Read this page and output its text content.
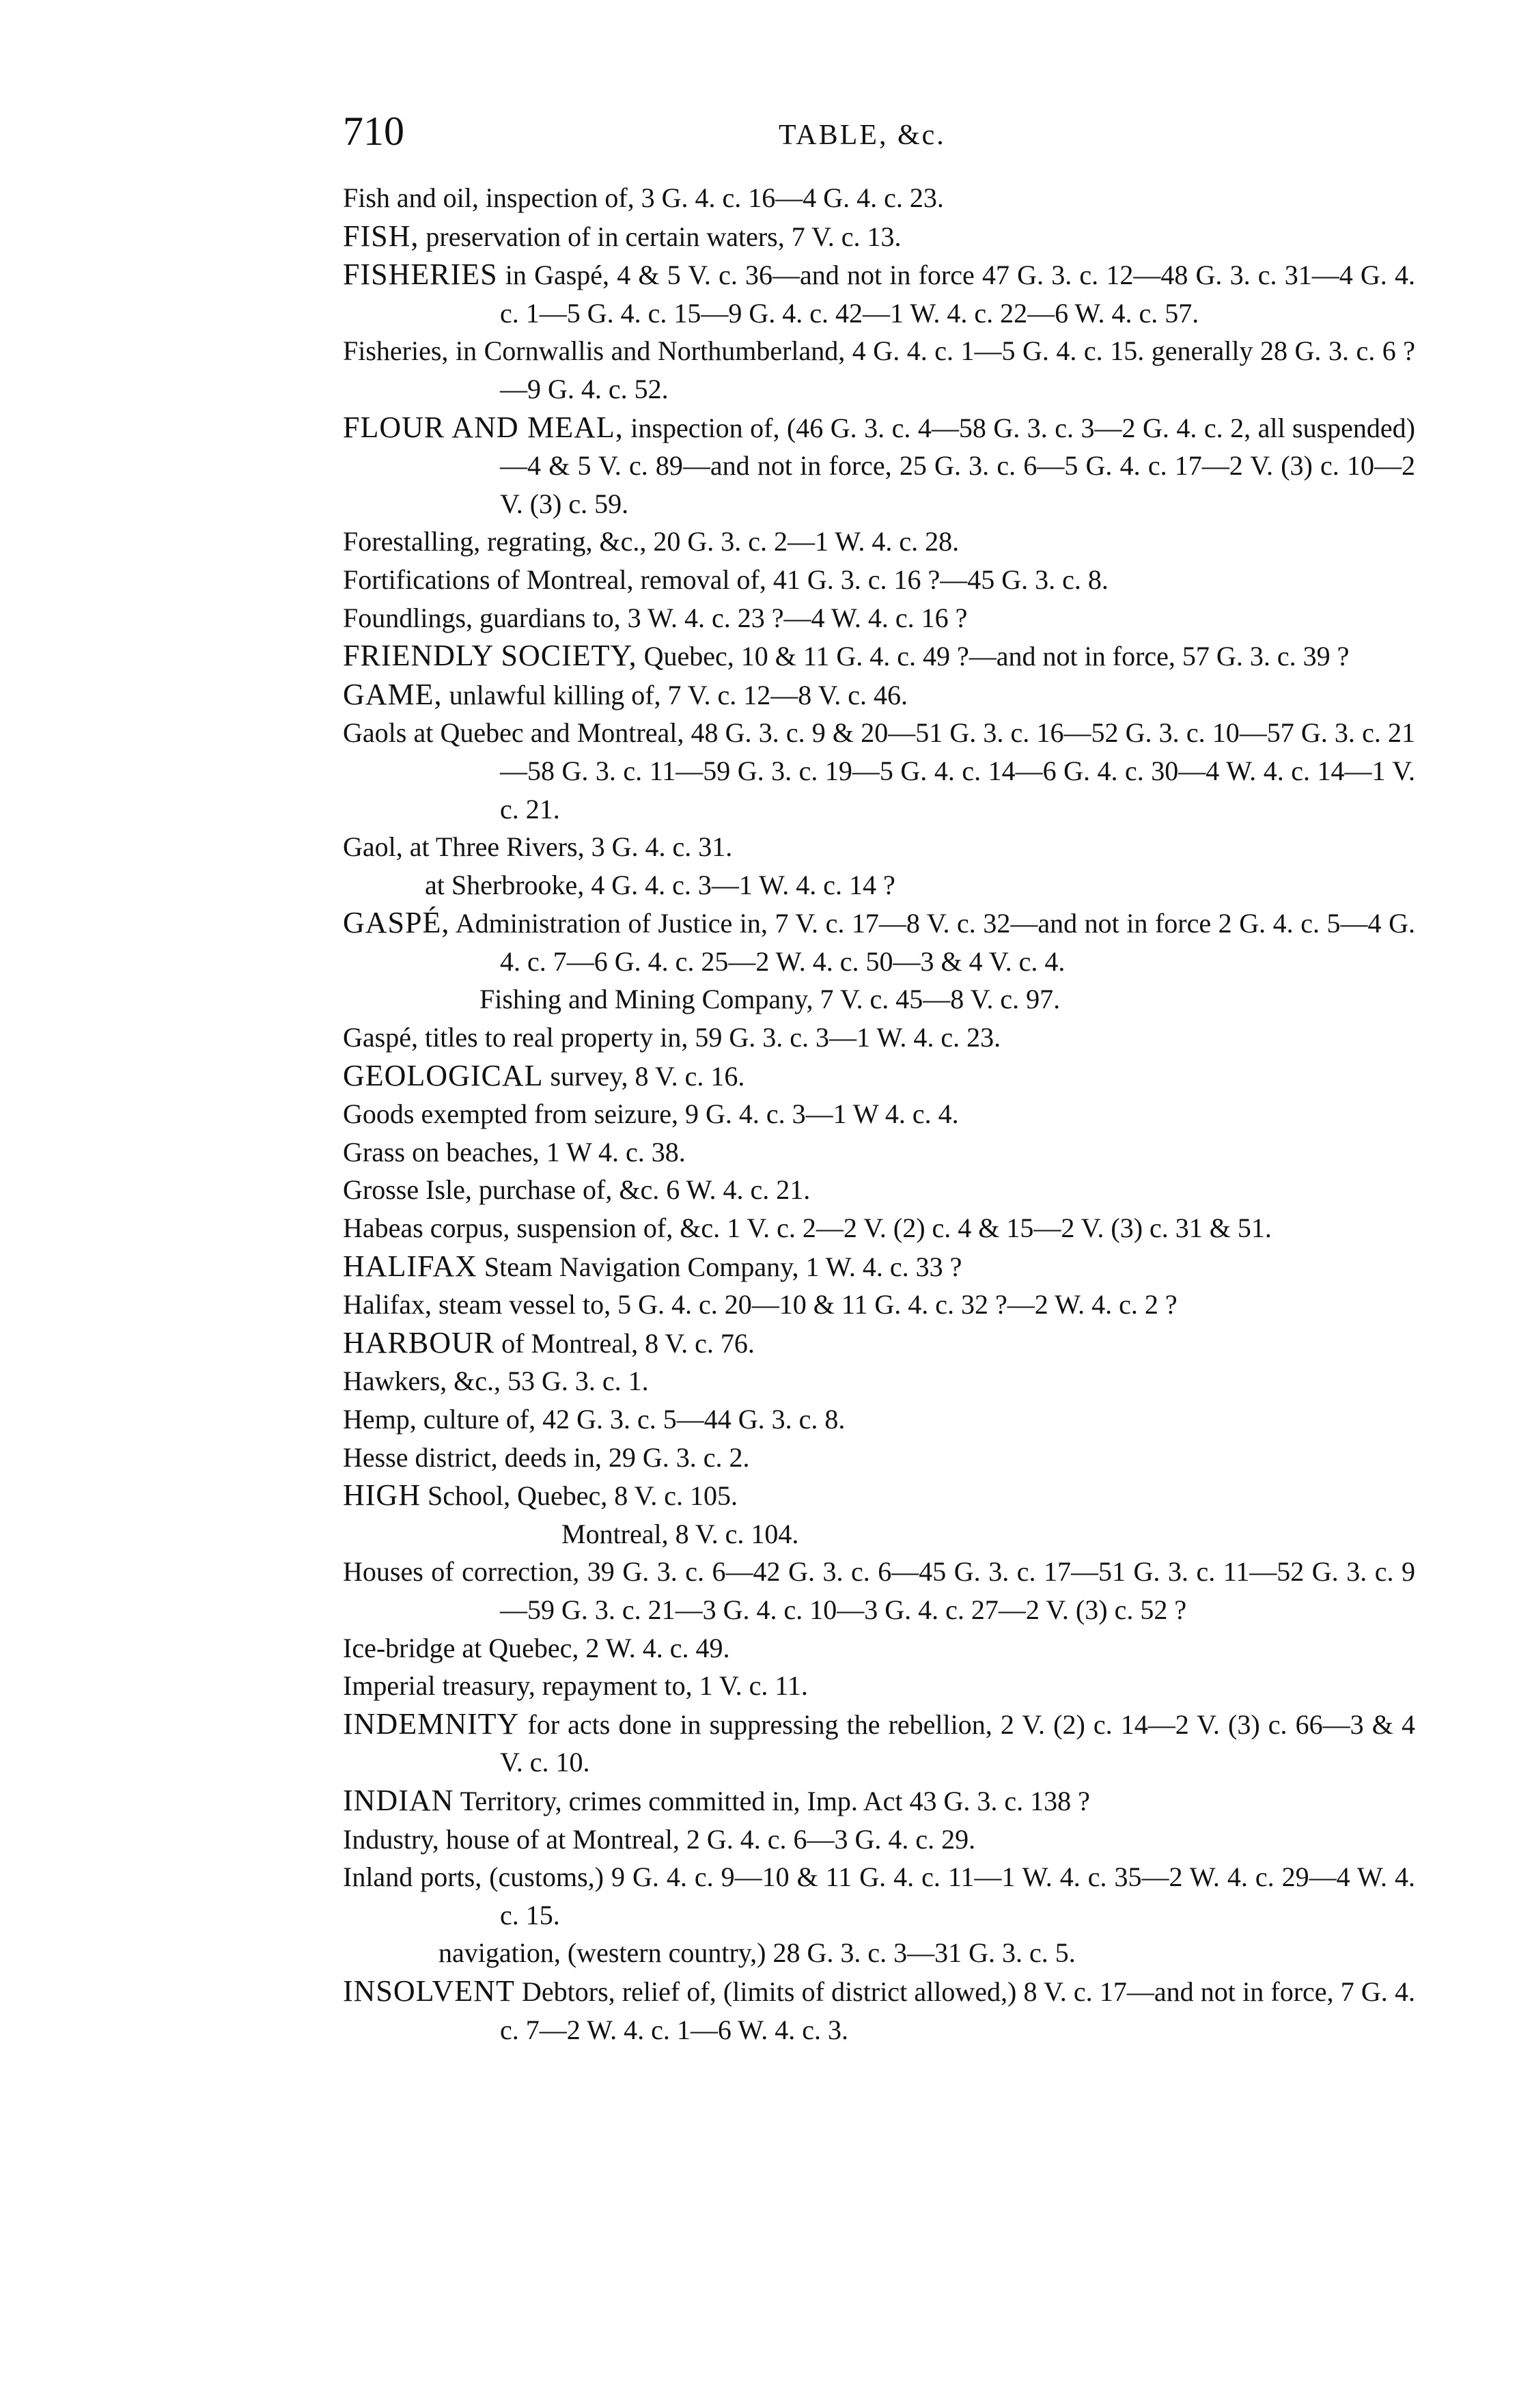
710	TABLE, &c.
Fish and oil, inspection of, 3 G. 4. c. 16—4 G. 4. c. 23.
FISH, preservation of in certain waters, 7 V. c. 13.
FISHERIES in Gaspé, 4 & 5 V. c. 36—and not in force 47 G. 3. c. 12—48 G. 3. c. 31—4 G. 4. c. 1—5 G. 4. c. 15—9 G. 4. c. 42—1 W. 4. c. 22—6 W. 4. c. 57.
Fisheries, in Cornwallis and Northumberland, 4 G. 4. c. 1—5 G. 4. c. 15. generally 28 G. 3. c. 6 ?—9 G. 4. c. 52.
FLOUR AND MEAL, inspection of, (46 G. 3. c. 4—58 G. 3. c. 3—2 G. 4. c. 2, all suspended)—4 & 5 V. c. 89—and not in force, 25 G. 3. c. 6—5 G. 4. c. 17—2 V. (3) c. 10—2 V. (3) c. 59.
Forestalling, regrating, &c., 20 G. 3. c. 2—1 W. 4. c. 28.
Fortifications of Montreal, removal of, 41 G. 3. c. 16 ?—45 G. 3. c. 8.
Foundlings, guardians to, 3 W. 4. c. 23 ?—4 W. 4. c. 16 ?
FRIENDLY SOCIETY, Quebec, 10 & 11 G. 4. c. 49 ?—and not in force, 57 G. 3. c. 39 ?
GAME, unlawful killing of, 7 V. c. 12—8 V. c. 46.
Gaols at Quebec and Montreal, 48 G. 3. c. 9 & 20—51 G. 3. c. 16—52 G. 3. c. 10—57 G. 3. c. 21—58 G. 3. c. 11—59 G. 3. c. 19—5 G. 4. c. 14—6 G. 4. c. 30—4 W. 4. c. 14—1 V. c. 21.
Gaol, at Three Rivers, 3 G. 4. c. 31.
at Sherbrooke, 4 G. 4. c. 3—1 W. 4. c. 14 ?
GASPÉ, Administration of Justice in, 7 V. c. 17—8 V. c. 32—and not in force 2 G. 4. c. 5—4 G. 4. c. 7—6 G. 4. c. 25—2 W. 4. c. 50—3 & 4 V. c. 4.
Fishing and Mining Company, 7 V. c. 45—8 V. c. 97.
Gaspé, titles to real property in, 59 G. 3. c. 3—1 W. 4. c. 23.
GEOLOGICAL survey, 8 V. c. 16.
Goods exempted from seizure, 9 G. 4. c. 3—1 W 4. c. 4.
Grass on beaches, 1 W 4. c. 38.
Grosse Isle, purchase of, &c. 6 W. 4. c. 21.
Habeas corpus, suspension of, &c. 1 V. c. 2—2 V. (2) c. 4 & 15—2 V. (3) c. 31 & 51.
HALIFAX Steam Navigation Company, 1 W. 4. c. 33 ?
Halifax, steam vessel to, 5 G. 4. c. 20—10 & 11 G. 4. c. 32 ?—2 W. 4. c. 2 ?
HARBOUR of Montreal, 8 V. c. 76.
Hawkers, &c., 53 G. 3. c. 1.
Hemp, culture of, 42 G. 3. c. 5—44 G. 3. c. 8.
Hesse district, deeds in, 29 G. 3. c. 2.
HIGH School, Quebec, 8 V. c. 105.
Montreal, 8 V. c. 104.
Houses of correction, 39 G. 3. c. 6—42 G. 3. c. 6—45 G. 3. c. 17—51 G. 3. c. 11—52 G. 3. c. 9—59 G. 3. c. 21—3 G. 4. c. 10—3 G. 4. c. 27—2 V. (3) c. 52 ?
Ice-bridge at Quebec, 2 W. 4. c. 49.
Imperial treasury, repayment to, 1 V. c. 11.
INDEMNITY for acts done in suppressing the rebellion, 2 V. (2) c. 14—2 V. (3) c. 66—3 & 4 V. c. 10.
INDIAN Territory, crimes committed in, Imp. Act 43 G. 3. c. 138 ?
Industry, house of at Montreal, 2 G. 4. c. 6—3 G. 4. c. 29.
Inland ports, (customs,) 9 G. 4. c. 9—10 & 11 G. 4. c. 11—1 W. 4. c. 35—2 W. 4. c. 29—4 W. 4. c. 15.
navigation, (western country,) 28 G. 3. c. 3—31 G. 3. c. 5.
INSOLVENT Debtors, relief of, (limits of district allowed,) 8 V. c. 17—and not in force, 7 G. 4. c. 7—2 W. 4. c. 1—6 W. 4. c. 3.
